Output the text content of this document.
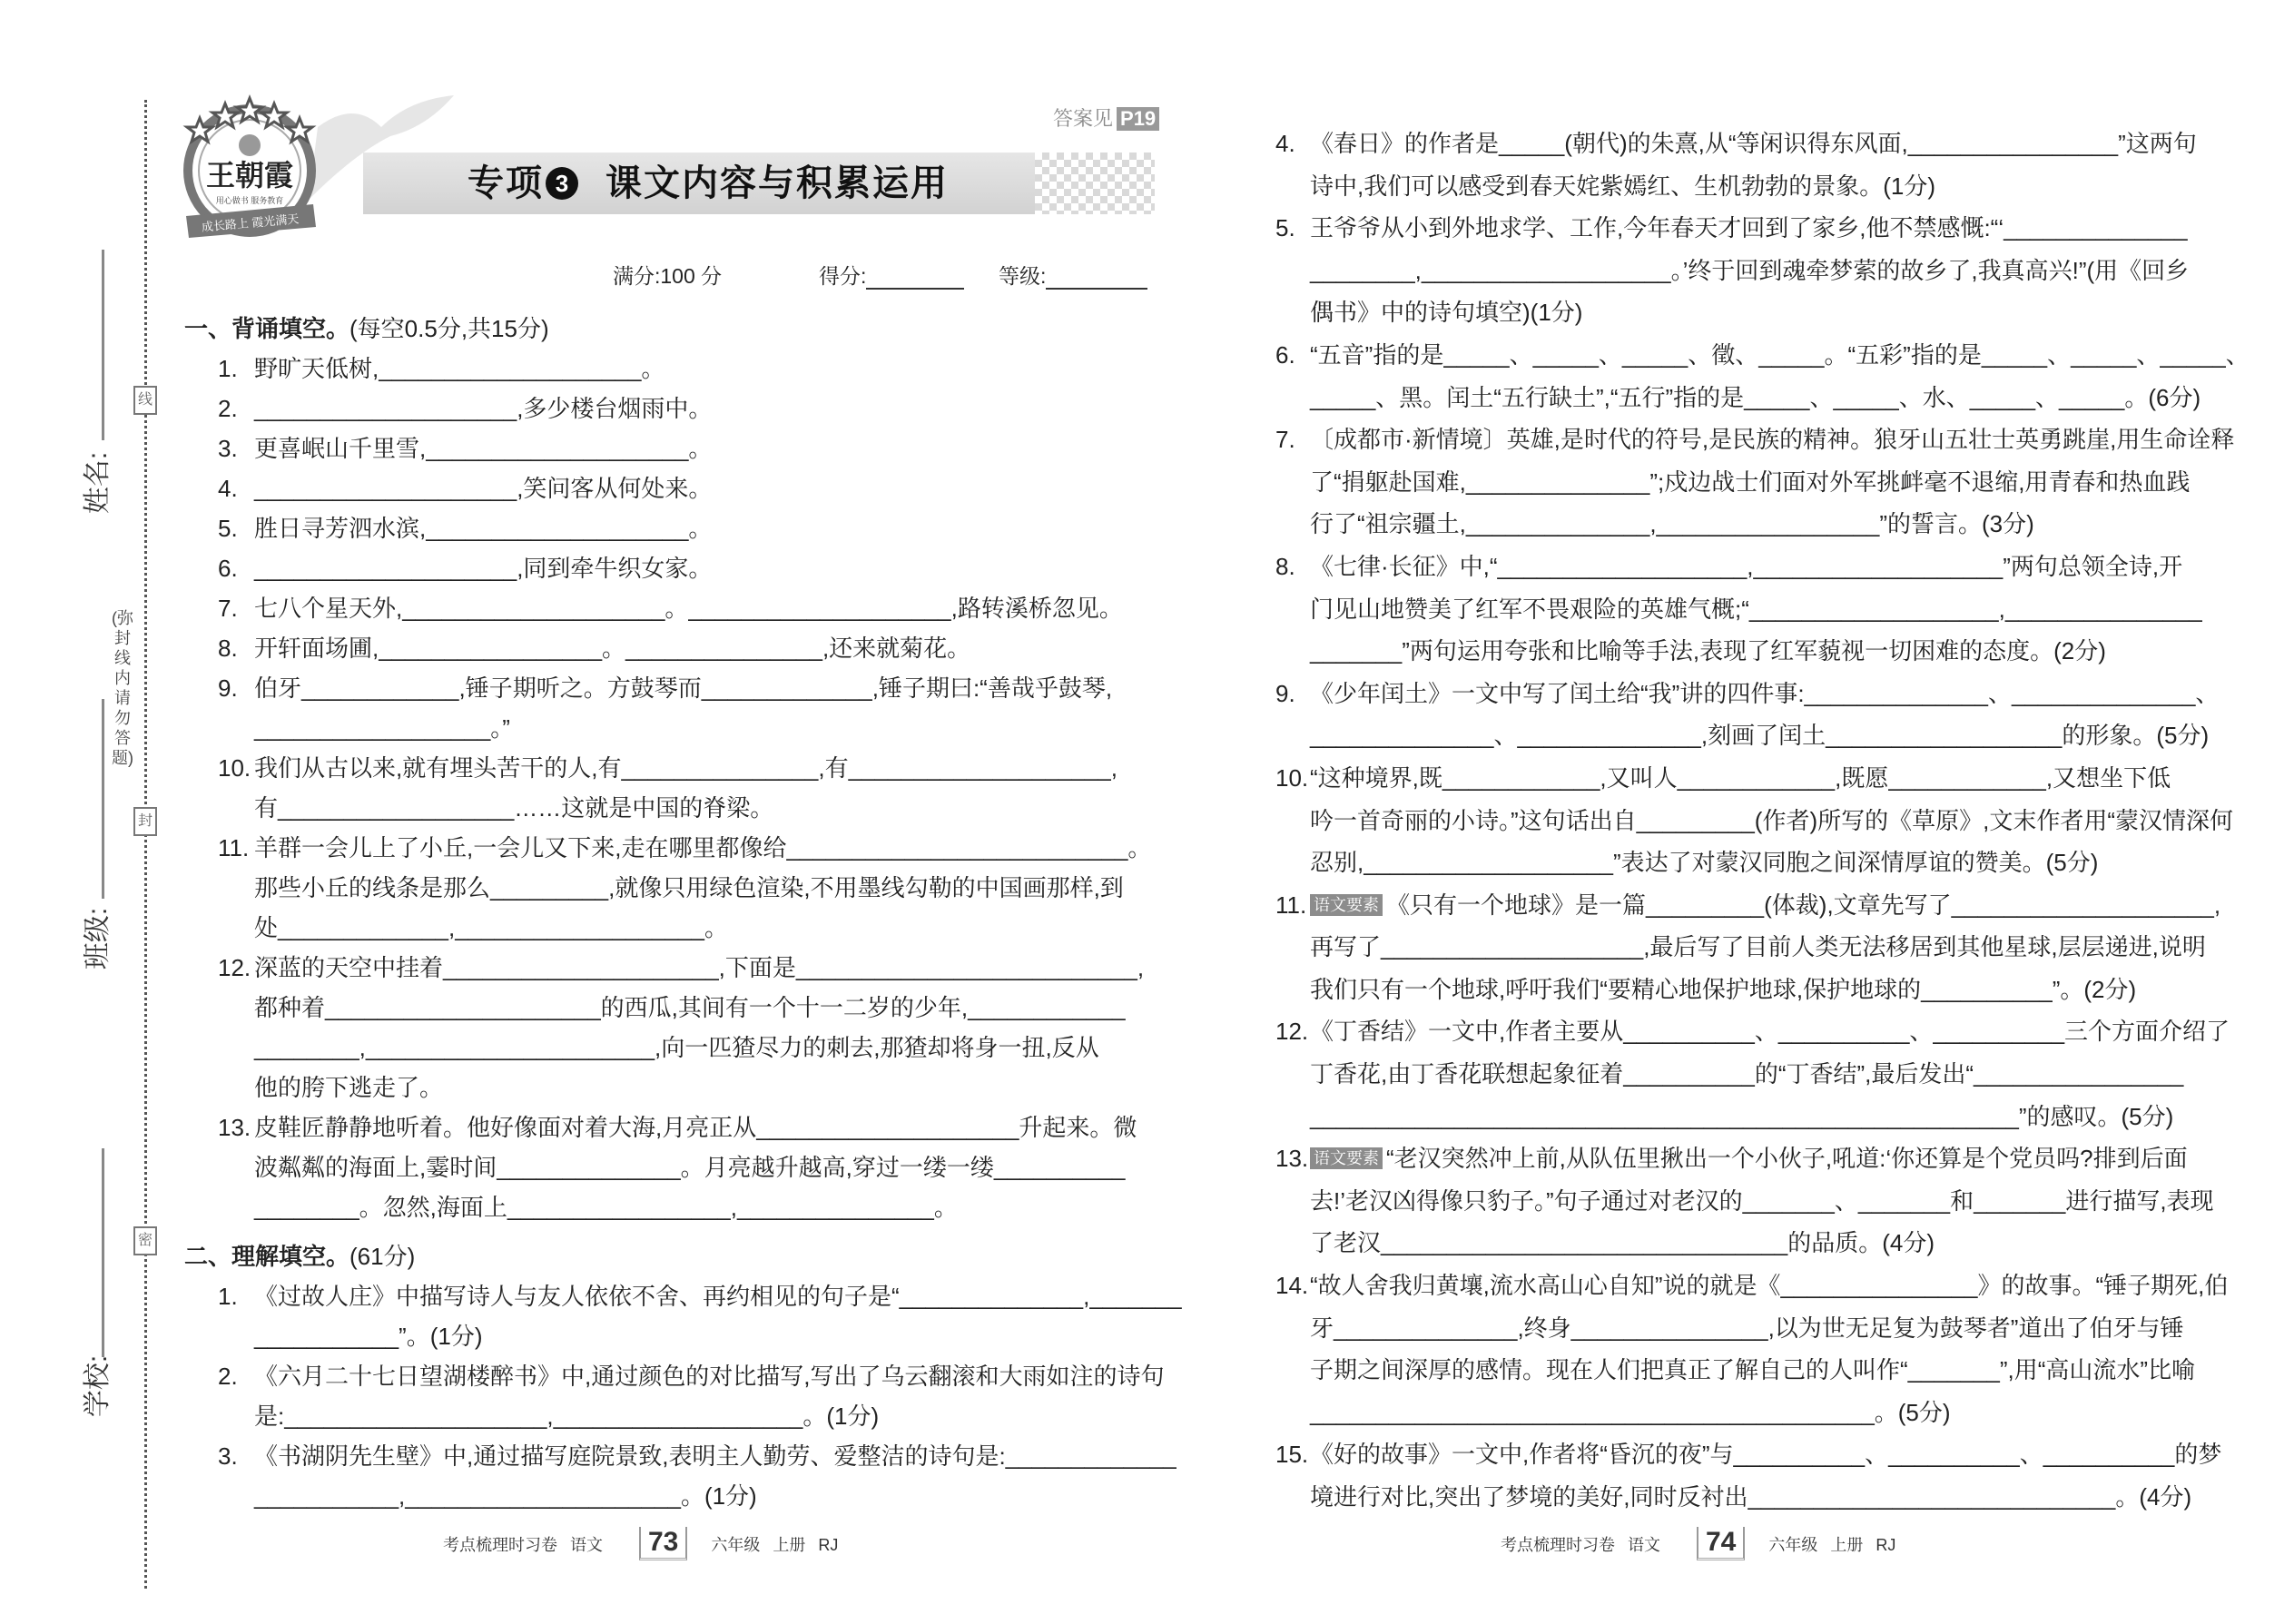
线
封
密
姓名:
班级:
学校:
(弥封线内请勿答题)
王朝霞
用心做书 服务教育
成长路上 霞光满天
专项 3 课文内容与积累运用
答案见 P19
满分:100 分	得分:	等级:
一、背诵填空。(每空0.5分,共15分)
1. 野旷天低树,____________________。
2. ____________________,多少楼台烟雨中。
3. 更喜岷山千里雪,____________________。
4. ____________________,笑问客从何处来。
5. 胜日寻芳泗水滨,____________________。
6. ____________________,同到牵牛织女家。
7. 七八个星天外,____________________。____________________,路转溪桥忽见。
8. 开轩面场圃,_________________。_______________,还来就菊花。
9. 伯牙____________,锤子期听之。方鼓琴而_____________,锤子期曰:“善哉乎鼓琴,
__________________。”
10. 我们从古以来,就有埋头苦干的人,有_______________,有____________________,
有__________________……这就是中国的脊梁。
11. 羊群一会儿上了小丘,一会儿又下来,走在哪里都像给__________________________。
那些小丘的线条是那么_________,就像只用绿色渲染,不用墨线勾勒的中国画那样,到
处_____________,___________________。
12. 深蓝的天空中挂着_____________________,下面是__________________________,
都种着_____________________的西瓜,其间有一个十一二岁的少年,____________
________,______________________,向一匹猹尽力的刺去,那猹却将身一扭,反从
他的胯下逃走了。
13. 皮鞋匠静静地听着。他好像面对着大海,月亮正从____________________升起来。微
波粼粼的海面上,霎时间______________。月亮越升越高,穿过一缕一缕__________
________。忽然,海面上_________________,_______________。
二、理解填空。(61分)
1. 《过故人庄》中描写诗人与友人依依不舍、再约相见的句子是“______________,_______
___________”。(1分)
2. 《六月二十七日望湖楼醉书》中,通过颜色的对比描写,写出了乌云翻滚和大雨如注的诗句
是:____________________,___________________。(1分)
3. 《书湖阴先生壁》中,通过描写庭院景致,表明主人勤劳、爱整洁的诗句是:_____________
___________,_____________________。(1分)
4. 《春日》的作者是_____(朝代)的朱熹,从“等闲识得东风面,________________”这两句
诗中,我们可以感受到春天姹紫嫣红、生机勃勃的景象。(1分)
5. 王爷爷从小到外地求学、工作,今年春天才回到了家乡,他不禁感慨:“‘______________
________,___________________。’终于回到魂牵梦萦的故乡了,我真高兴!”(用《回乡
偶书》中的诗句填空)(1分)
6. “五音”指的是_____、_____、_____、徵、_____。“五彩”指的是_____、_____、_____、
_____、黑。闰土“五行缺土”,“五行”指的是_____、_____、水、_____、_____。(6分)
7. 〔成都市·新情境〕英雄,是时代的符号,是民族的精神。狼牙山五壮士英勇跳崖,用生命诠释
了“捐躯赴国难,______________”;戍边战士们面对外军挑衅毫不退缩,用青春和热血践
行了“祖宗疆土,______________,_________________”的誓言。(3分)
8. 《七律·长征》中,“___________________,___________________”两句总领全诗,开
门见山地赞美了红军不畏艰险的英雄气概;“___________________,_______________
_______”两句运用夸张和比喻等手法,表现了红军藐视一切困难的态度。(2分)
9. 《少年闰土》一文中写了闰土给“我”讲的四件事:______________、______________、
______________、______________,刻画了闰土__________________的形象。(5分)
10.“这种境界,既____________,又叫人____________,既愿____________,又想坐下低
吟一首奇丽的小诗。”这句话出自_________(作者)所写的《草原》,文末作者用“蒙汉情深何
忍别,___________________”表达了对蒙汉同胞之间深情厚谊的赞美。(5分)
11. 语文要素 《只有一个地球》是一篇_________(体裁),文章先写了____________________,
再写了____________________,最后写了目前人类无法移居到其他星球,层层递进,说明
我们只有一个地球,呼吁我们“要精心地保护地球,保护地球的__________”。(2分)
12.《丁香结》一文中,作者主要从__________、__________、__________三个方面介绍了
丁香花,由丁香花联想起象征着__________的“丁香结”,最后发出“________________
______________________________________________________”的感叹。(5分)
13. 语文要素 “老汉突然冲上前,从队伍里揪出一个小伙子,吼道:‘你还算是个党员吗?排到后面
去!’老汉凶得像只豹子。”句子通过对老汉的_______、_______和_______进行描写,表现
了老汉_______________________________的品质。(4分)
14.“故人舍我归黄壤,流水高山心自知”说的就是《_______________》的故事。“锤子期死,伯
牙______________,终身_______________,以为世无足复为鼓琴者”道出了伯牙与锤
子期之间深厚的感情。现在人们把真正了解自己的人叫作“_______”,用“高山流水”比喻
___________________________________________。(5分)
15.《好的故事》一文中,作者将“昏沉的夜”与__________、__________、__________的梦
境进行对比,突出了梦境的美好,同时反衬出____________________________。(4分)
考点梳理时习卷 语文 73 六年级 上册 RJ	考点梳理时习卷 语文 74 六年级 上册 RJ
